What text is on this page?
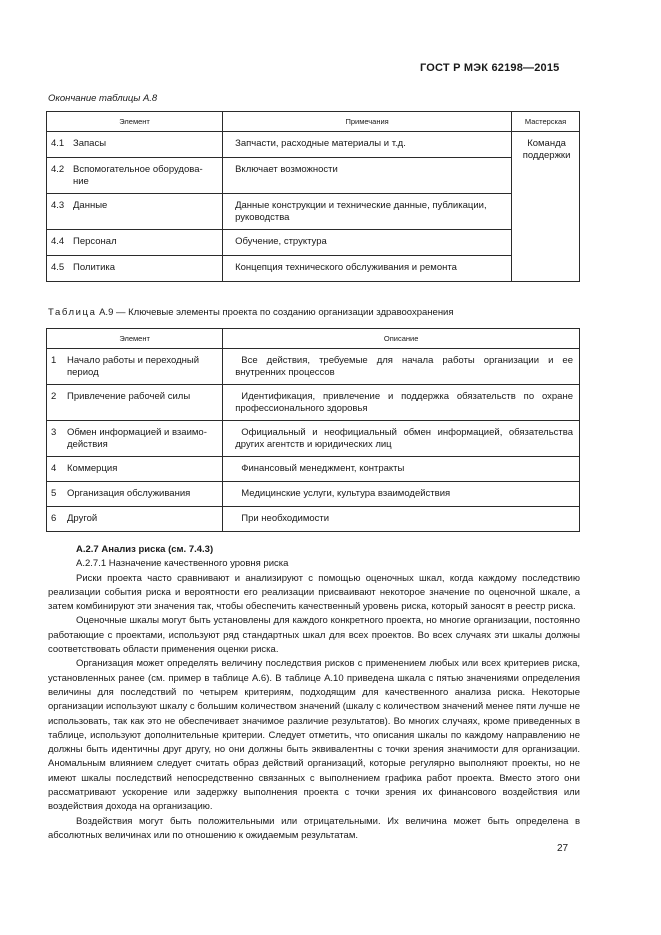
ГОСТ Р МЭК 62198—2015
Окончание таблицы А.8
Элемент	Примечания	Мастерская

4.1 Запасы	Запчасти, расходные материалы и т.д.	Команда поддержки

4.2 Вспомогательное оборудова-ние	Включает возможности	

4.3 Данные	Данные конструкции и технические данные, публикации, руководства	

4.4 Персонал	Обучение, структура	

4.5 Политика	Концепция технического обслуживания и ремонта	
Таблица А.9 — Ключевые элементы проекта по созданию организации здравоохранения
Элемент	Описание

1 Начало работы и переходный период	Все действия, требуемые для начала работы организации и ее внутренних процессов

2 Привлечение рабочей силы	Идентификация, привлечение и поддержка обязательств по охране профессионального здоровья

3 Обмен информацией и взаимо-действия	Официальный и неофициальный обмен информацией, обязательства других агентств и юридических лиц

4 Коммерция	Финансовый менеджмент, контракты

5 Организация обслуживания	Медицинские услуги, культура взаимодействия

6 Другой	При необходимости

А.2.7 Анализ риска (см. 7.4.3)

А.2.7.1 Назначение качественного уровня риска

Риски проекта часто сравнивают и анализируют с помощью оценочных шкал, когда каждому последствию реализации события риска и вероятности его реализации присваивают некоторое значение по оценочной шкале, а затем комбинируют эти значения так, чтобы обеспечить качественный уровень риска, который заносят в реестр риска.

Оценочные шкалы могут быть установлены для каждого конкретного проекта, но многие организации, постоянно работающие с проектами, используют ряд стандартных шкал для всех проектов. Во всех случаях эти шкалы должны соответствовать области применения оценки риска.

Организация может определять величину последствия рисков с применением любых или всех критериев риска, установленных ранее (см. пример в таблице А.6). В таблице А.10 приведена шкала с пятью значениями определения величины для последствий по четырем критериям, подходящим для качественного анализа риска. Некоторые организации используют шкалу с большим количеством значений (шкалу с количеством значений менее пяти лучше не использовать, так как это не обеспечивает значимое различие результатов). Во многих случаях, кроме приведенных в таблице, используют дополнительные критерии. Следует отметить, что описания шкалы по каждому направлению не должны быть идентичны друг другу, но они должны быть эквивалентны с точки зрения значимости для организации. Аномальным влиянием следует считать образ действий организаций, которые регулярно выполняют проекты, но не имеют шкалы последствий непосредственно связанных с выполнением графика работ проекта. Вместо этого они рассматривают ускорение или задержку выполнения проекта с точки зрения их финансового воздействия или воздействия дохода на организацию.

Воздействия могут быть положительными или отрицательными. Их величина может быть определена в абсолютных величинах или по отношению к ожидаемым результатам.

27
